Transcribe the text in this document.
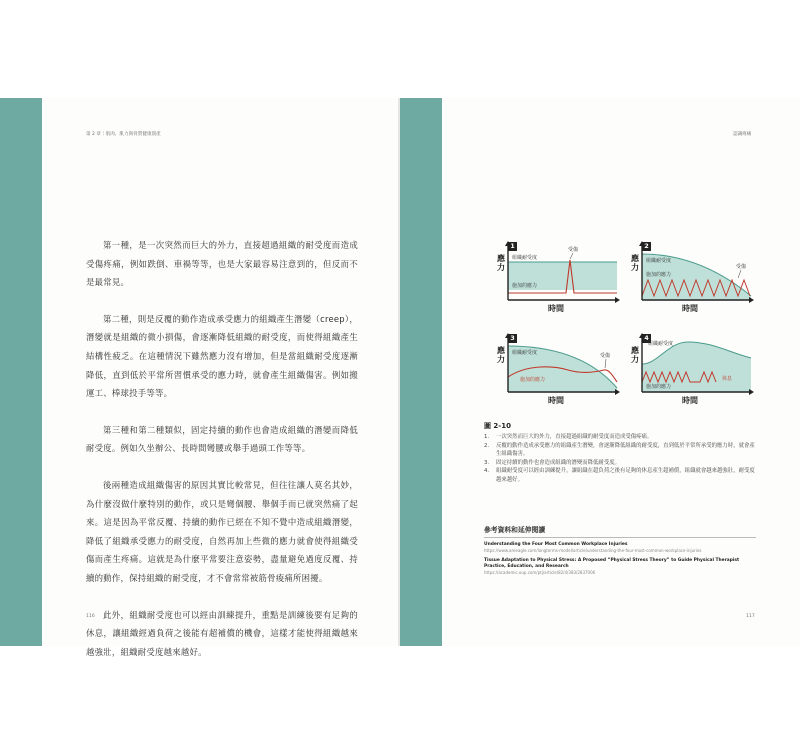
第 2 章｜肌肉、肌力與骨質健康資產

第一種，是一次突然而巨大的外力，直接超過組織的耐受度而造成受傷疼痛，例如跌倒、車禍等等，也是大家最容易注意到的，但反而不是最常見。

第二種，則是反覆的動作造成承受應力的組織產生潛變（creep），潛變就是組織的微小損傷，會逐漸降低組織的耐受度，而使得組織產生結構性疲乏。在這種情況下雖然應力沒有增加，但是當組織耐受度逐漸降低，直到低於平常所習慣承受的應力時，就會產生組織傷害。例如搬運工、棒球投手等等。

第三種和第二種類似，固定持續的動作也會造成組織的潛變而降低耐受度。例如久坐辦公、長時間彎腰或舉手過頭工作等等。

後兩種造成組織傷害的原因其實比較常見，但往往讓人莫名其妙，為什麼沒做什麼特別的動作，或只是彎個腰、舉個手而已就突然痛了起來。這是因為平常反覆、持續的動作已經在不知不覺中造成組織潛變，降低了組織承受應力的耐受度，自然再加上些微的應力就會使得組織受傷而產生疼痛。這就是為什麼平常要注意姿勢，盡量避免過度反覆、持續的動作，保持組織的耐受度，才不會常常被筋骨痠痛所困擾。

此外，組織耐受度也可以經由訓練提升，重點是訓練後要有足夠的休息，讓組織經過負荷之後能有超補償的機會，這樣才能使得組織越來越強壯，組織耐受度越來越好。

116
認識疼痛
1
應力
組織耐受度
施加的應力
受傷
時間
2
應力
組織耐受度
施加的應力
受傷
時間
3
應力
組織耐受度
施加的應力
受傷
時間
4
應力
組織耐受度
施加的應力
休息
時間
圖 2-10
1. 一次突然而巨大的外力，直接超過組織的耐受度而造成受傷疼痛。
2. 反覆的動作造成承受應力的組織產生潛變，會逐漸降低組織的耐受度，直到低於平常所承受的應力時，就會產生組織傷害。
3. 固定持續的動作也會造成組織的潛變而降低耐受度。
4. 組織耐受度可以經由訓練提升，讓組織在超負荷之後有足夠的休息產生超補償，組織就會越來越強壯，耐受度越來越好。
參考資料和延伸閱讀
Understanding the Four Most Common Workplace Injuries
https://www.ameagle.com/longterms-model/article/understanding-the-four-most-common-workplace-injuries
Tissue Adaptation to Physical Stress: A Proposed “Physical Stress Theory” to Guide Physical Therapist Practice, Education, and Research
https://academic.oup.com/ptj/article/82/4/383/2837006
117
